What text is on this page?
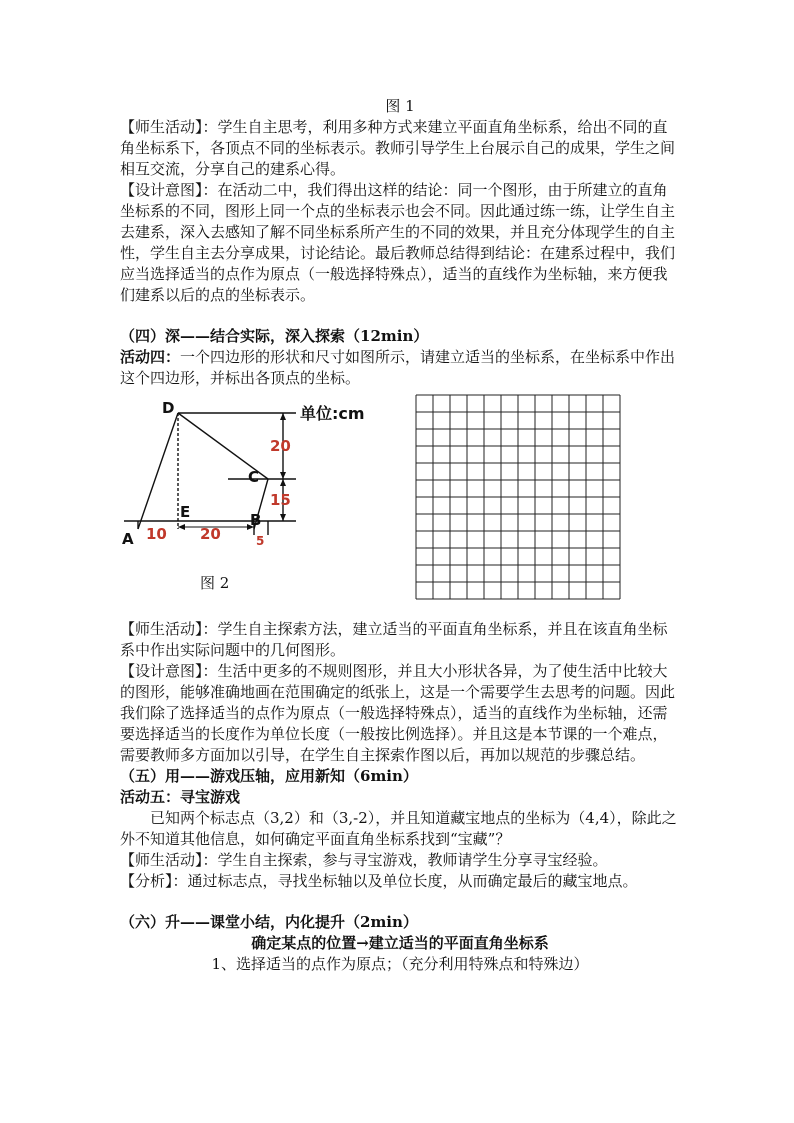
图 1

【师生活动】：学生自主思考，利用多种方式来建立平面直角坐标系，给出不同的直角坐标系下，各顶点不同的坐标表示。教师引导学生上台展示自己的成果，学生之间相互交流，分享自己的建系心得。

【设计意图】：在活动二中，我们得出这样的结论：同一个图形，由于所建立的直角坐标系的不同，图形上同一个点的坐标表示也会不同。因此通过练一练，让学生自主去建系，深入去感知了解不同坐标系所产生的不同的效果，并且充分体现学生的自主性，学生自主去分享成果，讨论结论。最后教师总结得到结论：在建系过程中，我们应当选择适当的点作为原点（一般选择特殊点），适当的直线作为坐标轴，来方便我们建系以后的点的坐标表示。

（四）深——结合实际，深入探索（12min）

活动四：一个四边形的形状和尺寸如图所示，请建立适当的坐标系，在坐标系中作出这个四边形，并标出各顶点的坐标。

D
C
E	B
A
单位:cm
20
15
10 20	5

图 2

【师生活动】：学生自主探索方法，建立适当的平面直角坐标系，并且在该直角坐标系中作出实际问题中的几何图形。

【设计意图】：生活中更多的不规则图形，并且大小形状各异，为了使生活中比较大的图形，能够准确地画在范围确定的纸张上，这是一个需要学生去思考的问题。因此我们除了选择适当的点作为原点（一般选择特殊点），适当的直线作为坐标轴，还需要选择适当的长度作为单位长度（一般按比例选择）。并且这是本节课的一个难点，需要教师多方面加以引导，在学生自主探索作图以后，再加以规范的步骤总结。

（五）用——游戏压轴，应用新知（6min）

活动五：寻宝游戏

已知两个标志点（3,2）和（3,-2），并且知道藏宝地点的坐标为（4,4），除此之外不知道其他信息，如何确定平面直角坐标系找到“宝藏”？

【师生活动】：学生自主探索，参与寻宝游戏，教师请学生分享寻宝经验。

【分析】：通过标志点，寻找坐标轴以及单位长度，从而确定最后的藏宝地点。

（六）升——课堂小结，内化提升（2min）

确定某点的位置→建立适当的平面直角坐标系

1、选择适当的点作为原点；（充分利用特殊点和特殊边）
